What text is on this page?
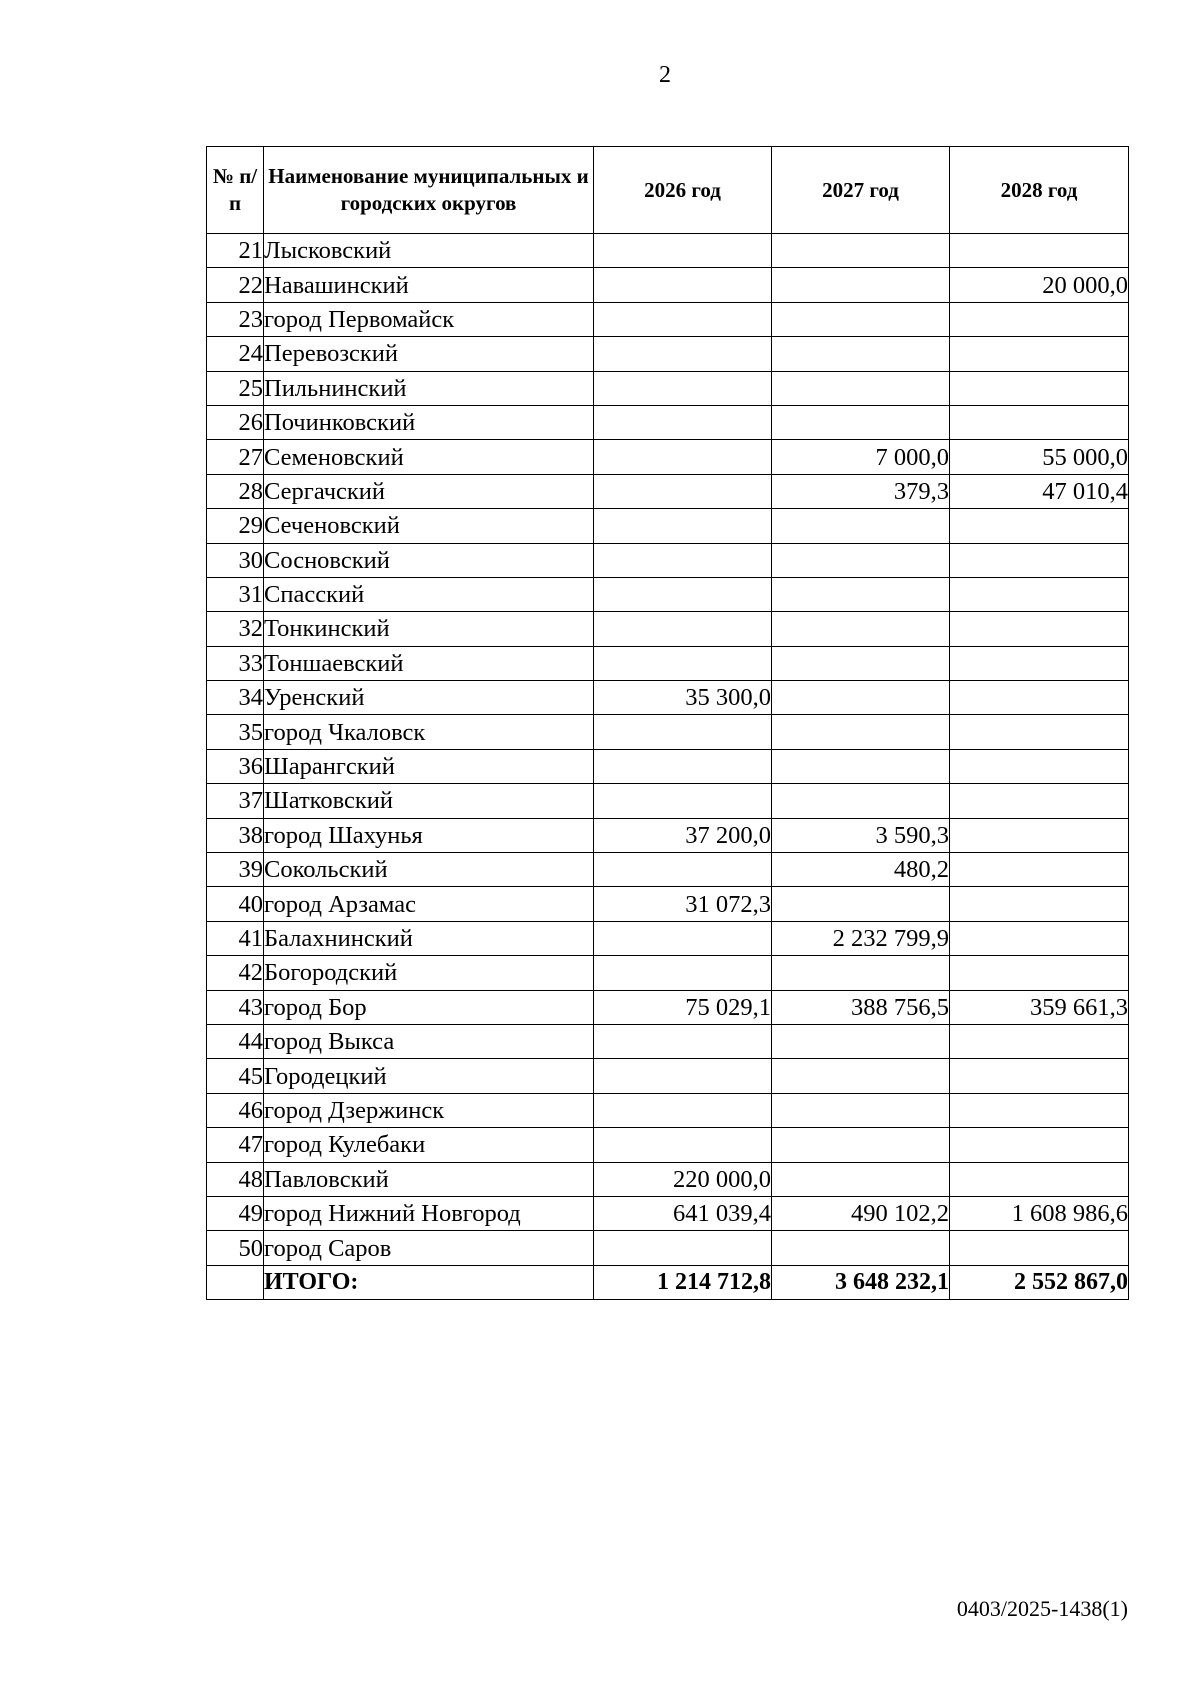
2
№ п/п	Наименование муниципальных и городских округов	2026 год	2027 год	2028 год
21	Лысковский			
22	Навашинский			20 000,0
23	город Первомайск			
24	Перевозский			
25	Пильнинский			
26	Починковский			
27	Семеновский		7 000,0	55 000,0
28	Сергачский		379,3	47 010,4
29	Сеченовский			
30	Сосновский			
31	Спасский			
32	Тонкинский			
33	Тоншаевский			
34	Уренский	35 300,0		
35	город Чкаловск			
36	Шарангский			
37	Шатковский			
38	город Шахунья	37 200,0	3 590,3	
39	Сокольский		480,2	
40	город Арзамас	31 072,3		
41	Балахнинский		2 232 799,9	
42	Богородский			
43	город Бор	75 029,1	388 756,5	359 661,3
44	город Выкса			
45	Городецкий			
46	город Дзержинск			
47	город Кулебаки			
48	Павловский	220 000,0		
49	город Нижний Новгород	641 039,4	490 102,2	1 608 986,6
50	город Саров			
	ИТОГО:	1 214 712,8	3 648 232,1	2 552 867,0
0403/2025-1438(1)
